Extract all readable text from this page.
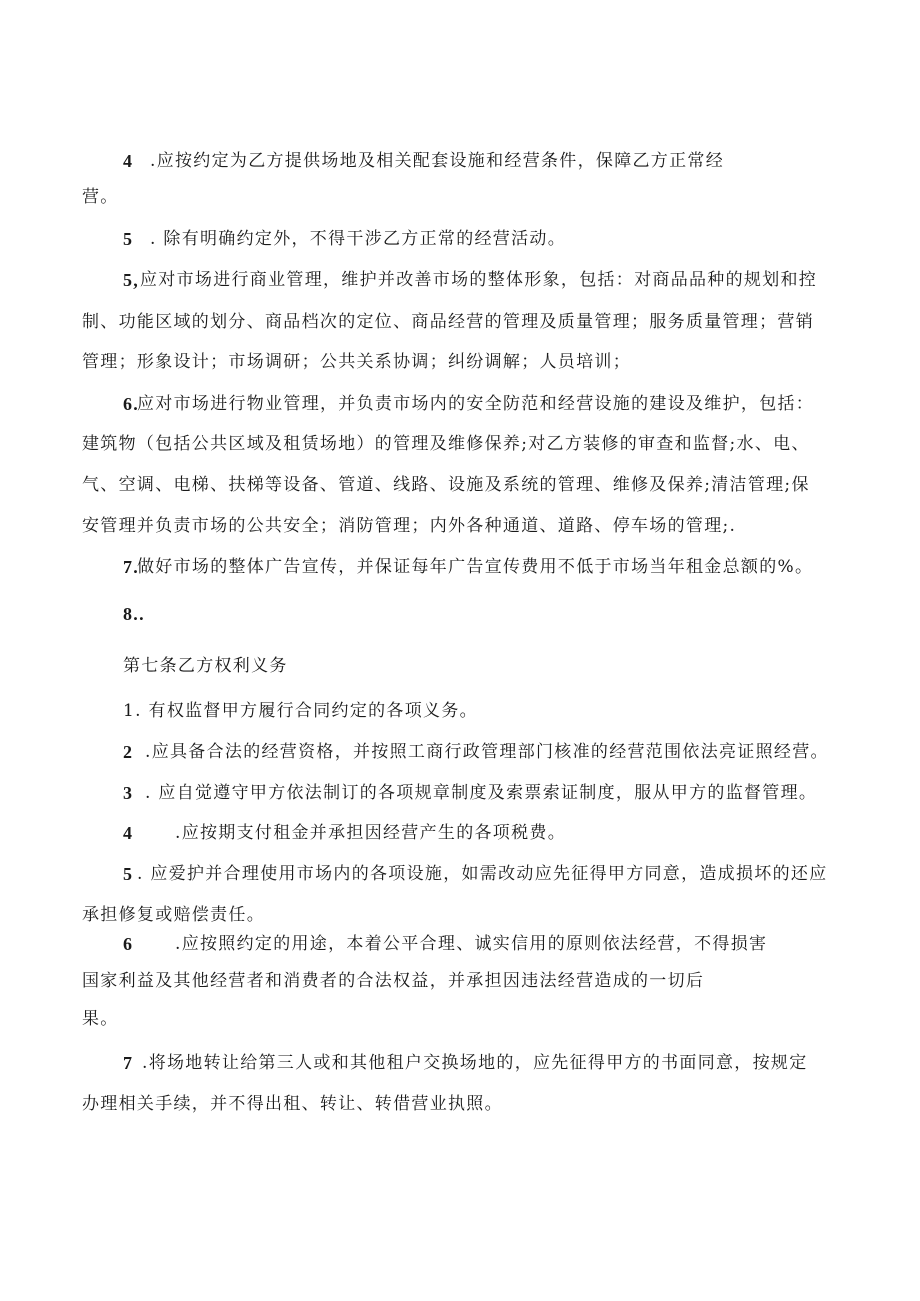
4 .应按约定为乙方提供场地及相关配套设施和经营条件，保障乙方正常经
营。
5 . 除有明确约定外，不得干涉乙方正常的经营活动。
5, 应对市场进行商业管理，维护并改善市场的整体形象，包括：对商品品种的规划和控
制、功能区域的划分、商品档次的定位、商品经营的管理及质量管理；服务质量管理；营销
管理；形象设计；市场调研；公共关系协调；纠纷调解；人员培训；
6.
应对市场进行物业管理，并负责市场内的安全防范和经营设施的建设及维护，包括：
建筑物（包括公共区域及租赁场地）的管理及维修保养;对乙方装修的审查和监督;水、电、
气、空调、电梯、扶梯等设备、管道、线路、设施及系统的管理、维修及保养;清洁管理;保
安管理并负责市场的公共安全；消防管理；内外各种通道、道路、停车场的管理;.
7.
做好市场的整体广告宣传，并保证每年广告宣传费用不低于市场当年租金总额的%。
8..
第七条乙方权利义务
1. 有权监督甲方履行合同约定的各项义务。
2 .应具备合法的经营资格，并按照工商行政管理部门核准的经营范围依法亮证照经营。
3 . 应自觉遵守甲方依法制订的各项规章制度及索票索证制度，服从甲方的监督管理。
4 .应按期支付租金并承担因经营产生的各项税费。
5 . 应爱护并合理使用市场内的各项设施，如需改动应先征得甲方同意，造成损坏的还应
承担修复或赔偿责任。
6 .应按照约定的用途，本着公平合理、诚实信用的原则依法经营，不得损害
国家利益及其他经营者和消费者的合法权益，并承担因违法经营造成的一切后
果。
7 .将场地转让给第三人或和其他租户交换场地的，应先征得甲方的书面同意，按规定
办理相关手续，并不得出租、转让、转借营业执照。
